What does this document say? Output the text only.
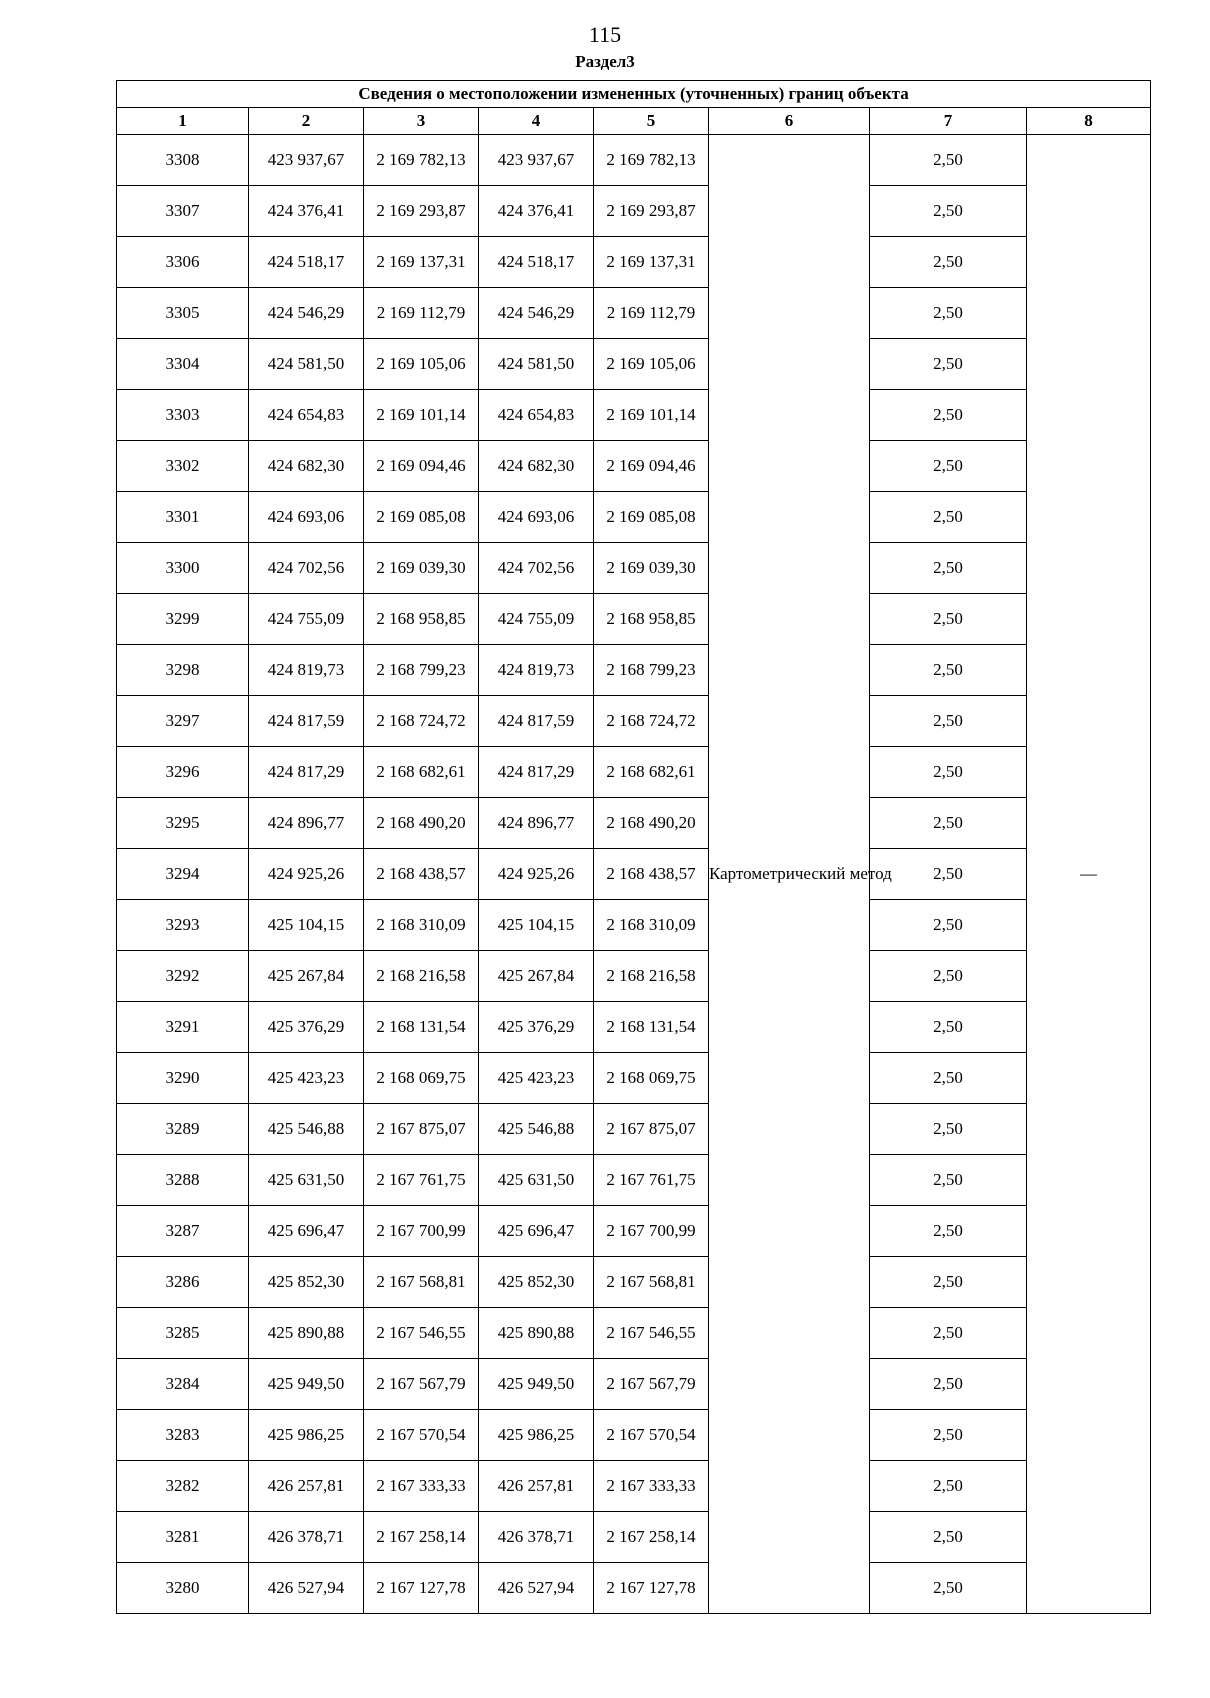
115
Раздел3
Сведения о местоположении измененных (уточненных) границ объекта							
1	2	3	4	5	6	7	8
3308	423 937,67	2 169 782,13	423 937,67	2 169 782,13	Картометрический метод	2,50	—
3307	424 376,41	2 169 293,87	424 376,41	2 169 293,87		2,50	
3306	424 518,17	2 169 137,31	424 518,17	2 169 137,31		2,50	
3305	424 546,29	2 169 112,79	424 546,29	2 169 112,79		2,50	
3304	424 581,50	2 169 105,06	424 581,50	2 169 105,06		2,50	
3303	424 654,83	2 169 101,14	424 654,83	2 169 101,14		2,50	
3302	424 682,30	2 169 094,46	424 682,30	2 169 094,46		2,50	
3301	424 693,06	2 169 085,08	424 693,06	2 169 085,08		2,50	
3300	424 702,56	2 169 039,30	424 702,56	2 169 039,30		2,50	
3299	424 755,09	2 168 958,85	424 755,09	2 168 958,85		2,50	
3298	424 819,73	2 168 799,23	424 819,73	2 168 799,23		2,50	
3297	424 817,59	2 168 724,72	424 817,59	2 168 724,72		2,50	
3296	424 817,29	2 168 682,61	424 817,29	2 168 682,61		2,50	
3295	424 896,77	2 168 490,20	424 896,77	2 168 490,20		2,50	
3294	424 925,26	2 168 438,57	424 925,26	2 168 438,57		2,50	
3293	425 104,15	2 168 310,09	425 104,15	2 168 310,09		2,50	
3292	425 267,84	2 168 216,58	425 267,84	2 168 216,58		2,50	
3291	425 376,29	2 168 131,54	425 376,29	2 168 131,54		2,50	
3290	425 423,23	2 168 069,75	425 423,23	2 168 069,75		2,50	
3289	425 546,88	2 167 875,07	425 546,88	2 167 875,07		2,50	
3288	425 631,50	2 167 761,75	425 631,50	2 167 761,75		2,50	
3287	425 696,47	2 167 700,99	425 696,47	2 167 700,99		2,50	
3286	425 852,30	2 167 568,81	425 852,30	2 167 568,81		2,50	
3285	425 890,88	2 167 546,55	425 890,88	2 167 546,55		2,50	
3284	425 949,50	2 167 567,79	425 949,50	2 167 567,79		2,50	
3283	425 986,25	2 167 570,54	425 986,25	2 167 570,54		2,50	
3282	426 257,81	2 167 333,33	426 257,81	2 167 333,33		2,50	
3281	426 378,71	2 167 258,14	426 378,71	2 167 258,14		2,50	
3280	426 527,94	2 167 127,78	426 527,94	2 167 127,78		2,50	
